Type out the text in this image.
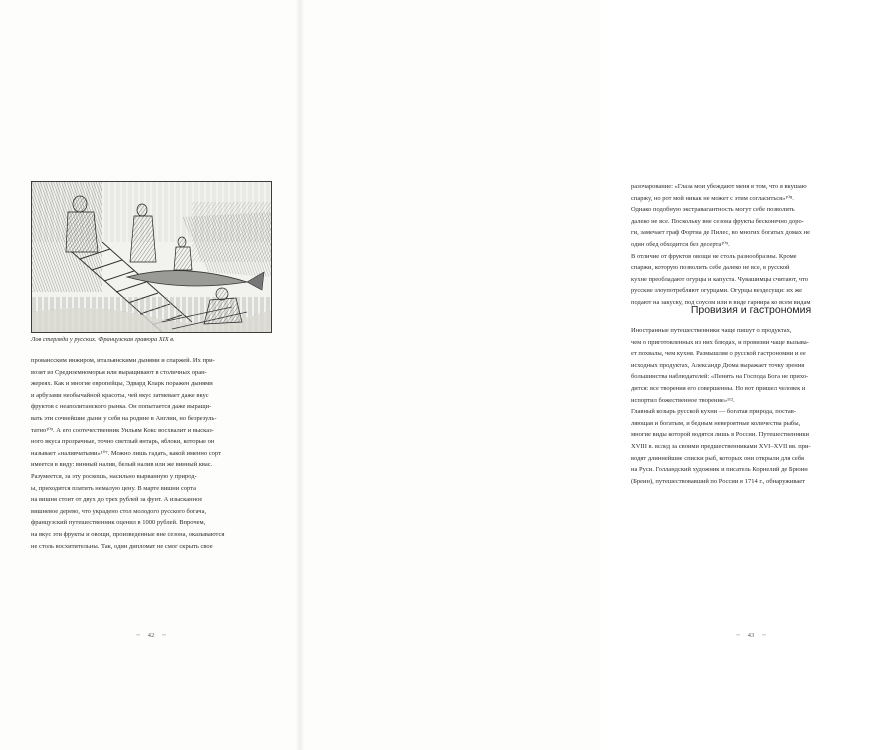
Лов стерляди у русских. Французская гравюра XIX в.

провансским инжиром, итальянскими дынями и спаржей. Их при-

возят из Средиземноморья или выращивают в столичных оран-

жереях. Как и многие европейцы, Эдвард Кларк поражен дынями

и арбузами необычайной красоты, чей вкус затмевает даже вкус

фруктов с неаполитанского рынка. Он попытается даже выращи-

вать эти сочнейшие дыни у себя на родине в Англии, но безрезуль-

татно¹⁰⁹. А его соотечественник Уильям Кокс восхвалит и высказ-

ного вкуса прозрачные, точно светлый янтарь, яблоки, которые он

называет «наливчатыми»¹⁰⁷. Можно лишь гадать, какой именно сорт

имеется в виду: винный налив, белый налив или же винный квас.

Разумеется, за эту роскошь, насильно вырванную у природ-

ы, приходится платить немалую цену. В марте вишни сорта

на вишня стоит от двух до трех рублей за фунт. А изысканное

вишневое дерево, что украдено стол молодого русского богача,

французский путешественник оценил в 1000 рублей. Впрочем,

на вкус эти фрукты и овощи, произведенные вне сезона, оказываются

не столь восхитительны. Так, один дипломат не смог скрыть свое

~ 42 ~

разочарование: «Глаза мои убеждают меня в том, что я вкушаю

спаржу, но рот мой никак не может с этим согласиться»¹⁰⁸.

Однако подобную экстравагантность могут себе позволить

далеко не все. Поскольку вне сезона фрукты бесконечно доро-

ги, замечает граф Фортиа де Пилес, во многих богатых домах не

один обед обходится без десерта¹⁰⁹.

В отличие от фруктов овощи не столь разнообразны. Кроме

спаржи, которую позволить себе далеко не все, в русской

кухне преобладают огурцы и капуста. Чувашимцы считают, что

русские злоупотребляют огурцами. Огурцы вездесущи: их же

подают на закуску, под соусом или в виде гарнира ко всем видам

Провизия и гастрономия

Иностранные путешественники чаще пишут о продуктах,

чем о приготовленных из них блюдах, и провизии чаще вызыва-

ет похвалы, чем кухня. Размышляя о русской гастрономии и ее

исходных продуктах, Александр Дюма выражает точку зрения

большинства наблюдателей: «Пенять на Господа Бога не прихо-

дится: все творения его совершенны. Но вот пришел человек и

испортил божественное творение»¹¹².

Главный козырь русской кухни — богатая природа, постав-

ляющая и богатым, и бедным невероятные количества рыбы,

многие виды которой водятся лишь в России. Путешественники

XVIII в. вслед за своими предшественниками XVI–XVII вв. при-

водят длиннейшие списки рыб, которых они открыли для себя

на Руси. Голландский художник и писатель Корнелий де Брюин

(Бреин), путешествовавший по России в 1714 г., обнаруживает

~ 43 ~
